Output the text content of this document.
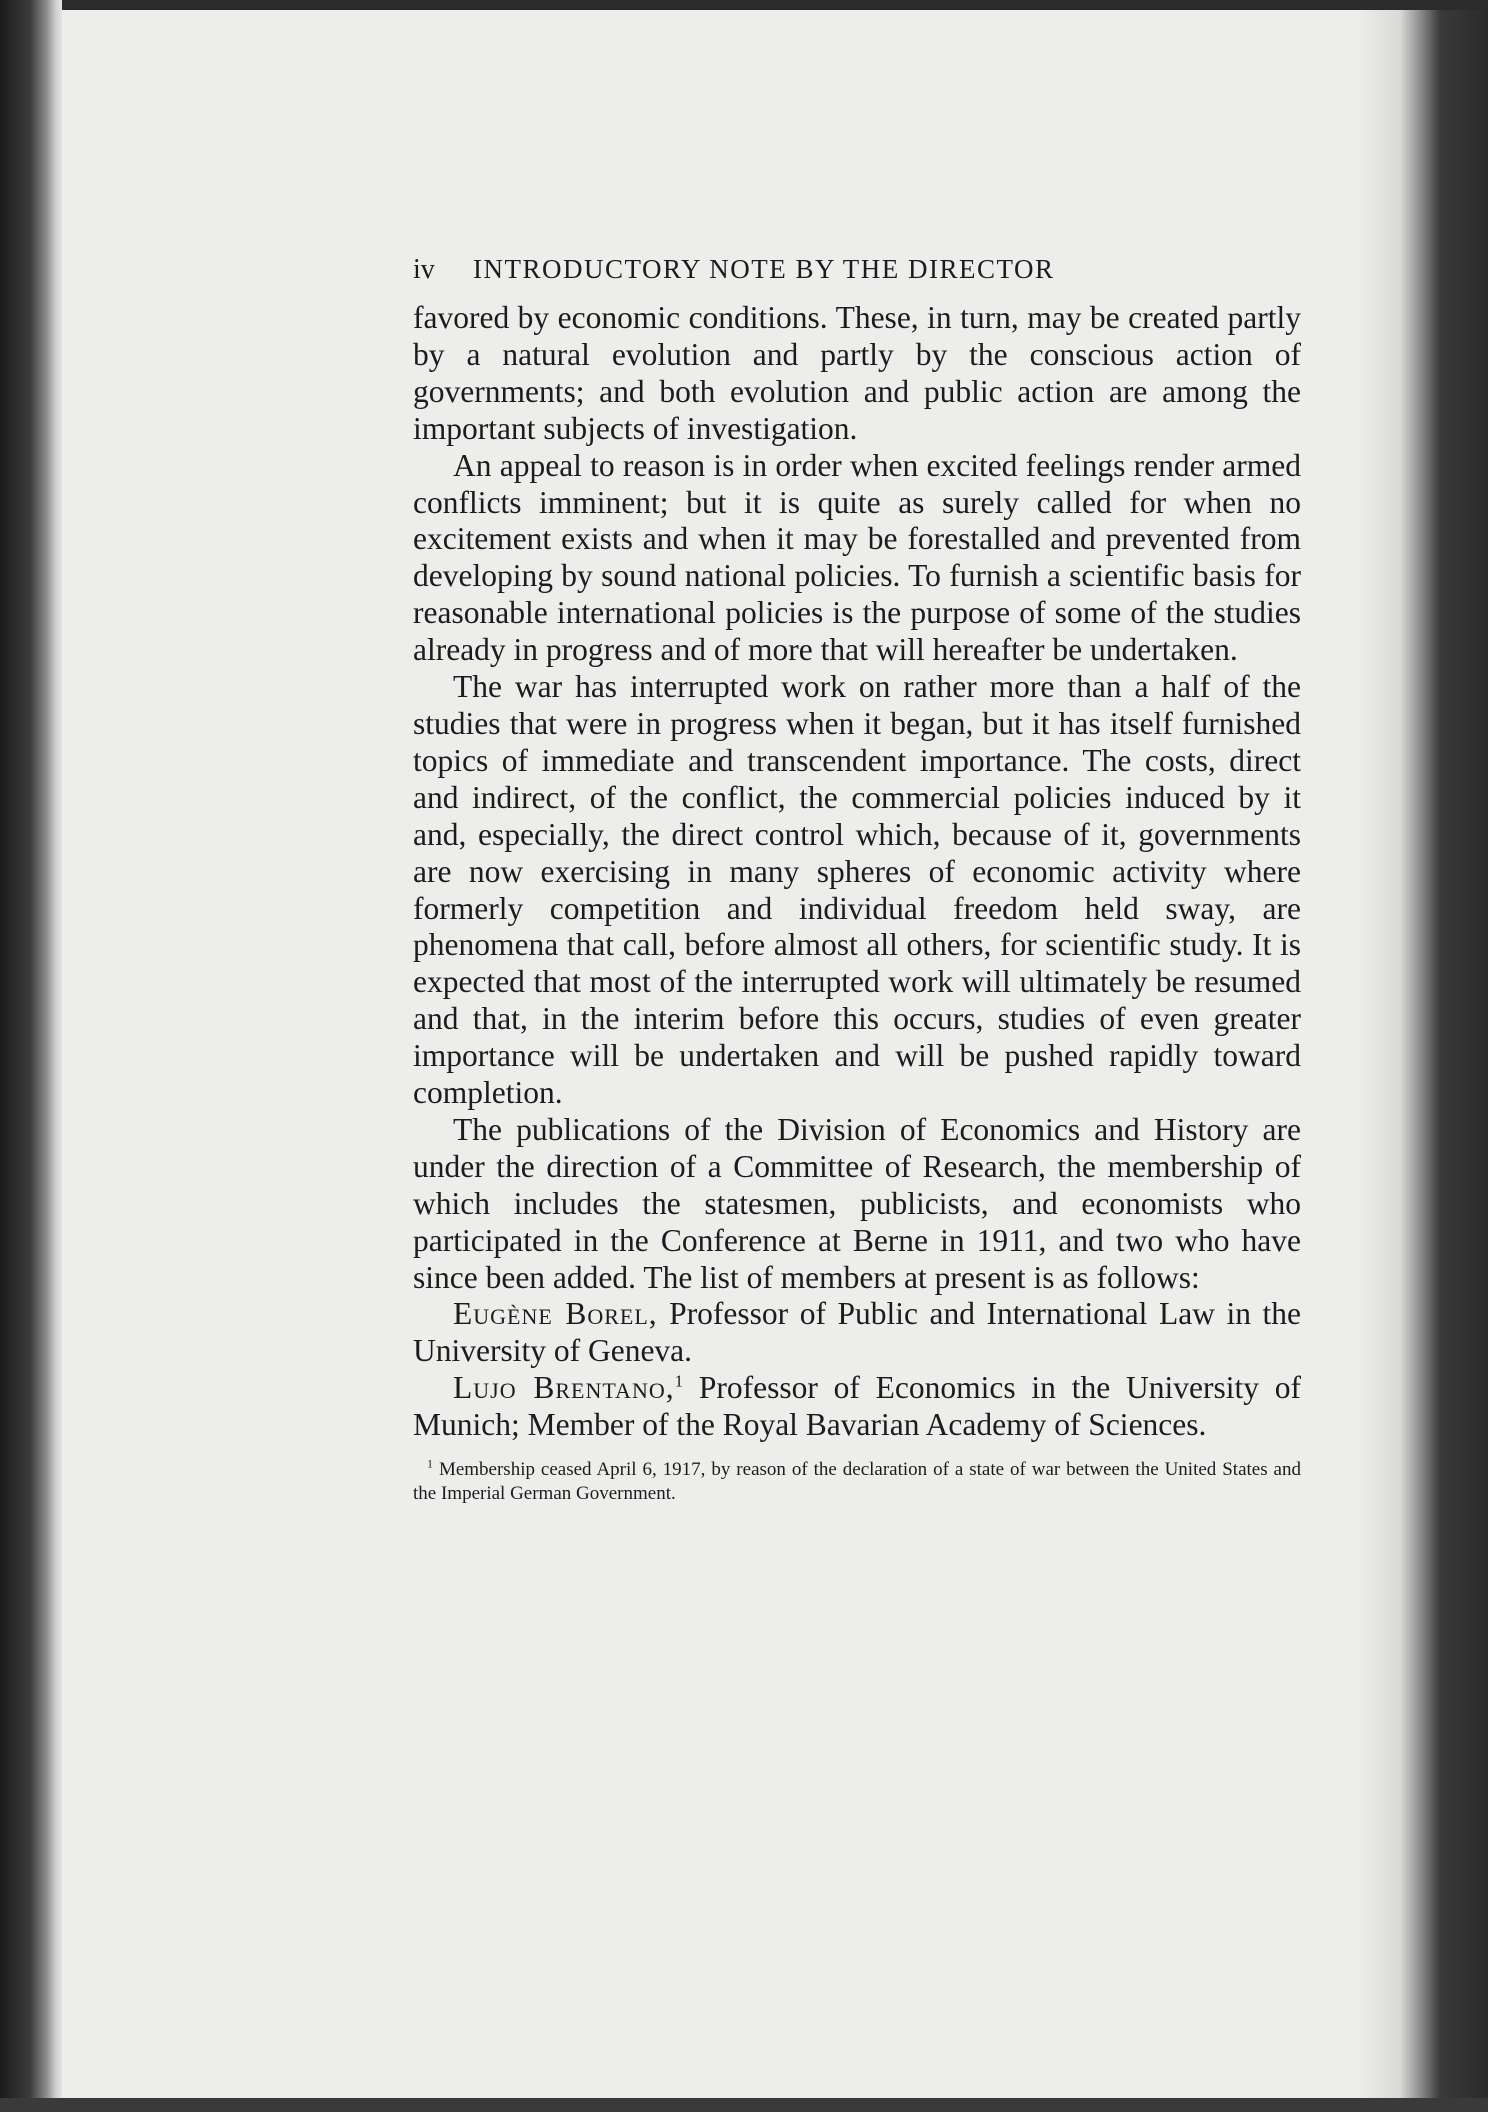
iv	INTRODUCTORY NOTE BY THE DIRECTOR

favored by economic conditions. These, in turn, may be created partly by a natural evolution and partly by the conscious action of governments; and both evolution and public action are among the important subjects of investigation.

An appeal to reason is in order when excited feelings render armed conflicts imminent; but it is quite as surely called for when no excitement exists and when it may be forestalled and prevented from developing by sound national policies. To furnish a scientific basis for reasonable international policies is the purpose of some of the studies already in progress and of more that will hereafter be undertaken.

The war has interrupted work on rather more than a half of the studies that were in progress when it began, but it has itself furnished topics of immediate and transcendent importance. The costs, direct and indirect, of the conflict, the commercial policies induced by it and, especially, the direct control which, because of it, governments are now exercising in many spheres of economic activity where formerly competition and individual freedom held sway, are phenomena that call, before almost all others, for scientific study. It is expected that most of the interrupted work will ultimately be resumed and that, in the interim before this occurs, studies of even greater importance will be undertaken and will be pushed rapidly toward completion.

The publications of the Division of Economics and History are under the direction of a Committee of Research, the membership of which includes the statesmen, publicists, and economists who participated in the Conference at Berne in 1911, and two who have since been added. The list of members at present is as follows:

Eugène Borel, Professor of Public and International Law in the University of Geneva.

Lujo Brentano,$^1$ Professor of Economics in the University of Munich; Member of the Royal Bavarian Academy of Sciences.

$^1$ Membership ceased April 6, 1917, by reason of the declaration of a state of war between the United States and the Imperial German Government.
